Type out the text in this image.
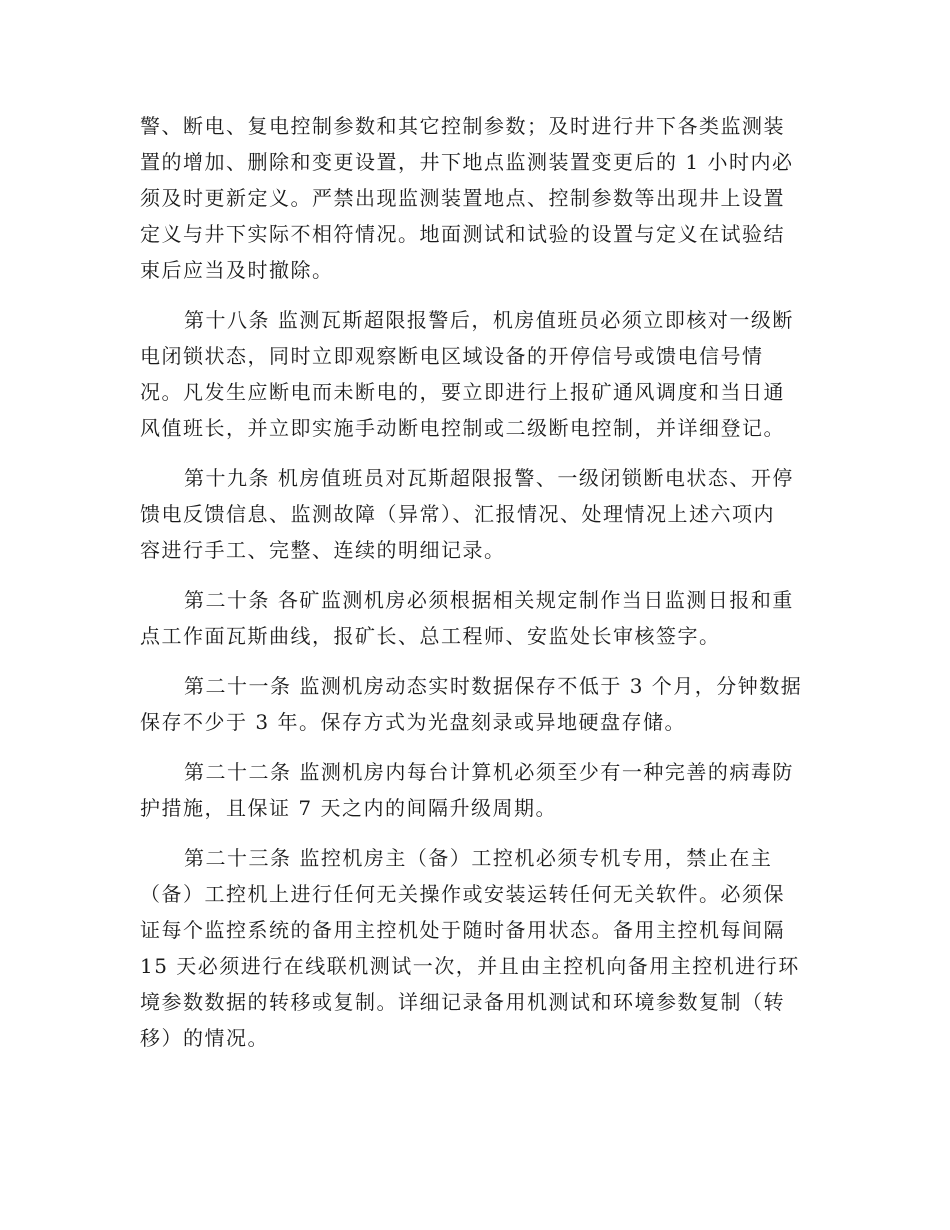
警、断电、复电控制参数和其它控制参数；及时进行井下各类监测装
置的增加、删除和变更设置，井下地点监测装置变更后的 1 小时内必
须及时更新定义。严禁出现监测装置地点、控制参数等出现井上设置
定义与井下实际不相符情况。地面测试和试验的设置与定义在试验结
束后应当及时撤除。
第十八条 监测瓦斯超限报警后，机房值班员必须立即核对一级断
电闭锁状态，同时立即观察断电区域设备的开停信号或馈电信号情
况。凡发生应断电而未断电的，要立即进行上报矿通风调度和当日通
风值班长，并立即实施手动断电控制或二级断电控制，并详细登记。
第十九条 机房值班员对瓦斯超限报警、一级闭锁断电状态、开停
馈电反馈信息、监测故障（异常）、汇报情况、处理情况上述六项内
容进行手工、完整、连续的明细记录。
第二十条 各矿监测机房必须根据相关规定制作当日监测日报和重
点工作面瓦斯曲线，报矿长、总工程师、安监处长审核签字。
第二十一条 监测机房动态实时数据保存不低于 3 个月，分钟数据
保存不少于 3 年。保存方式为光盘刻录或异地硬盘存储。
第二十二条 监测机房内每台计算机必须至少有一种完善的病毒防
护措施，且保证 7 天之内的间隔升级周期。
第二十三条 监控机房主（备）工控机必须专机专用，禁止在主
（备）工控机上进行任何无关操作或安装运转任何无关软件。必须保
证每个监控系统的备用主控机处于随时备用状态。备用主控机每间隔
15 天必须进行在线联机测试一次，并且由主控机向备用主控机进行环
境参数数据的转移或复制。详细记录备用机测试和环境参数复制（转
移）的情况。
